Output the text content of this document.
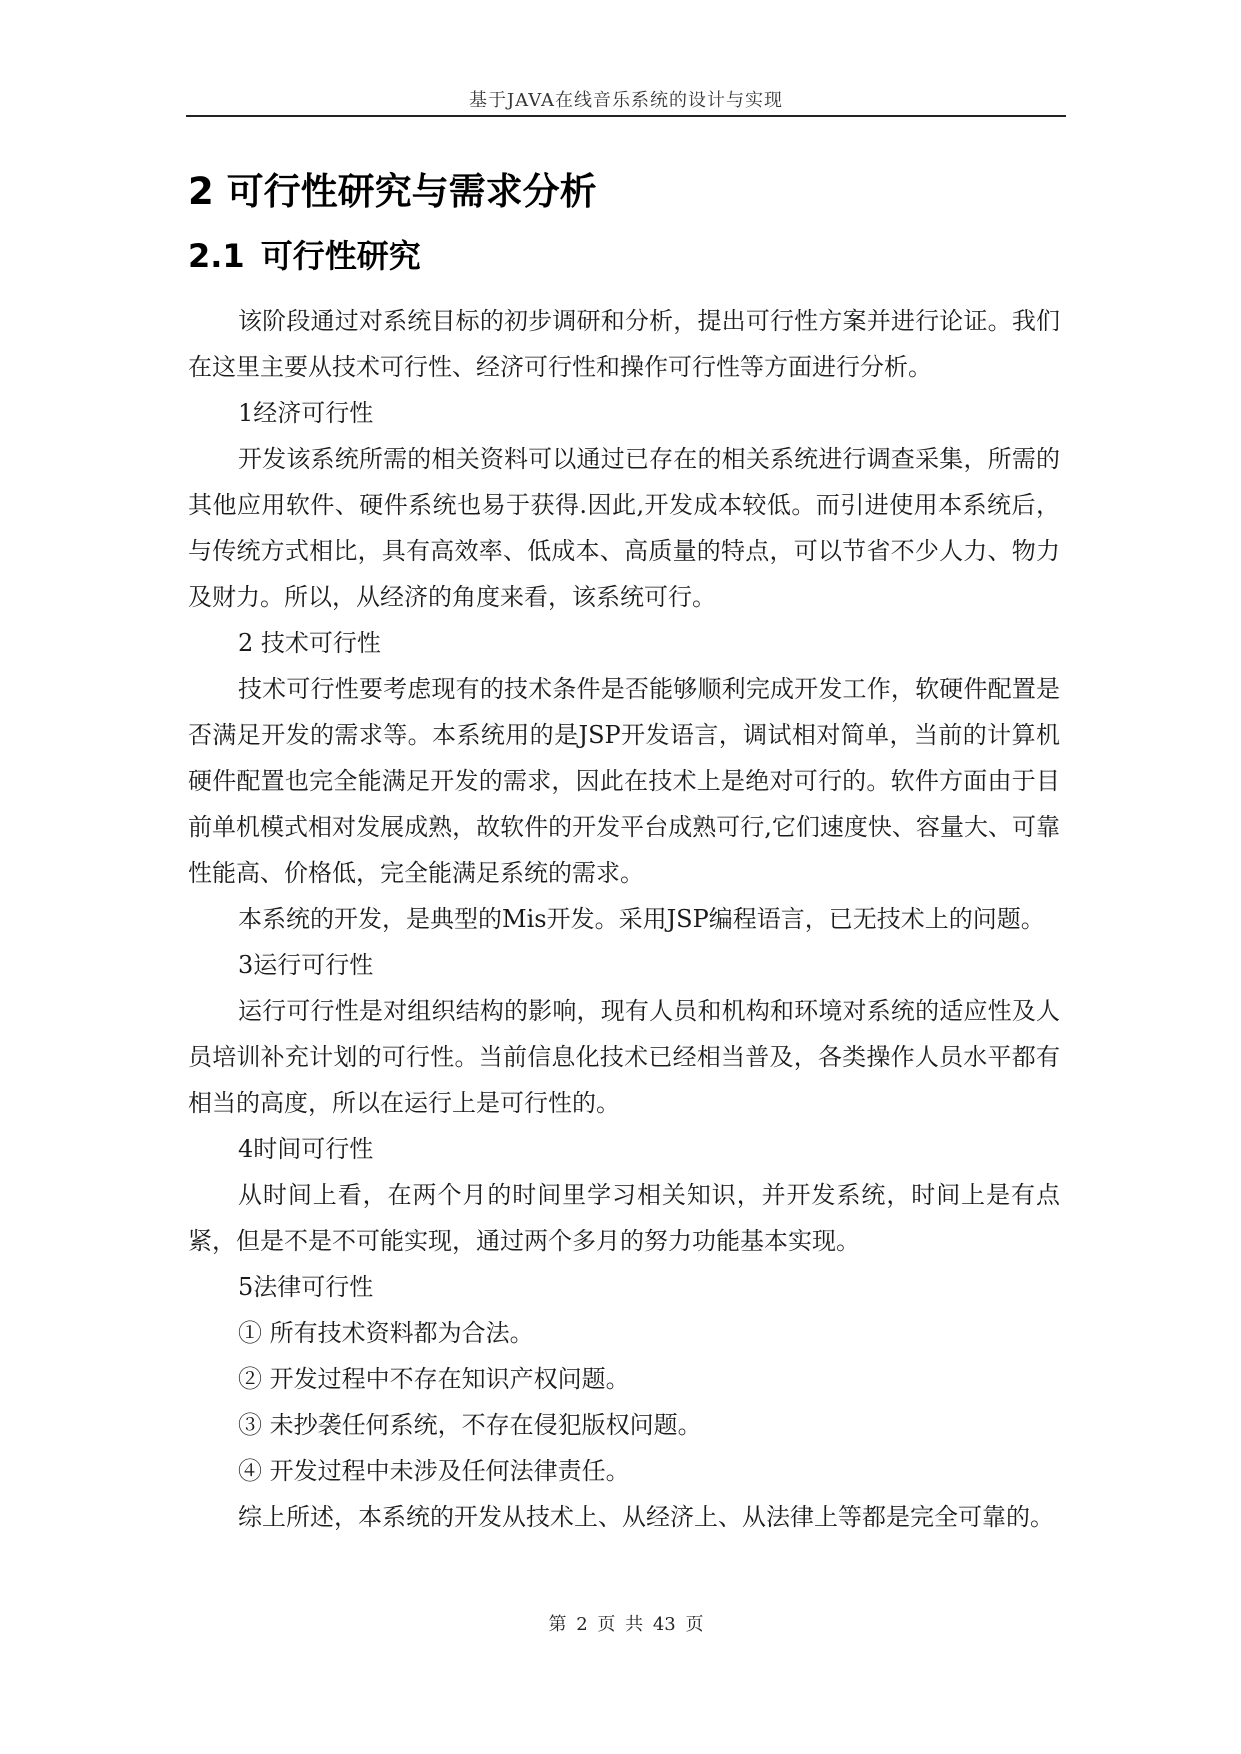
基于JAVA在线音乐系统的设计与实现
2 可行性研究与需求分析
2.1 可行性研究

该阶段通过对系统目标的初步调研和分析，提出可行性方案并进行论证。我们在这里主要从技术可行性、经济可行性和操作可行性等方面进行分析。

1经济可行性

开发该系统所需的相关资料可以通过已存在的相关系统进行调查采集，所需的其他应用软件、硬件系统也易于获得.因此,开发成本较低。而引进使用本系统后，与传统方式相比，具有高效率、低成本、高质量的特点，可以节省不少人力、物力及财力。所以，从经济的角度来看，该系统可行。

2 技术可行性

技术可行性要考虑现有的技术条件是否能够顺利完成开发工作，软硬件配置是否满足开发的需求等。本系统用的是JSP开发语言，调试相对简单，当前的计算机硬件配置也完全能满足开发的需求，因此在技术上是绝对可行的。软件方面由于目前单机模式相对发展成熟，故软件的开发平台成熟可行,它们速度快、容量大、可靠性能高、价格低，完全能满足系统的需求。

本系统的开发，是典型的Mis开发。采用JSP编程语言，已无技术上的问题。

3运行可行性

运行可行性是对组织结构的影响，现有人员和机构和环境对系统的适应性及人员培训补充计划的可行性。当前信息化技术已经相当普及，各类操作人员水平都有相当的高度，所以在运行上是可行性的。

4时间可行性

从时间上看，在两个月的时间里学习相关知识，并开发系统，时间上是有点紧，但是不是不可能实现，通过两个多月的努力功能基本实现。

5法律可行性

① 所有技术资料都为合法。

② 开发过程中不存在知识产权问题。

③ 未抄袭任何系统，不存在侵犯版权问题。

④ 开发过程中未涉及任何法律责任。

综上所述，本系统的开发从技术上、从经济上、从法律上等都是完全可靠的。

第 2 页 共 43 页
